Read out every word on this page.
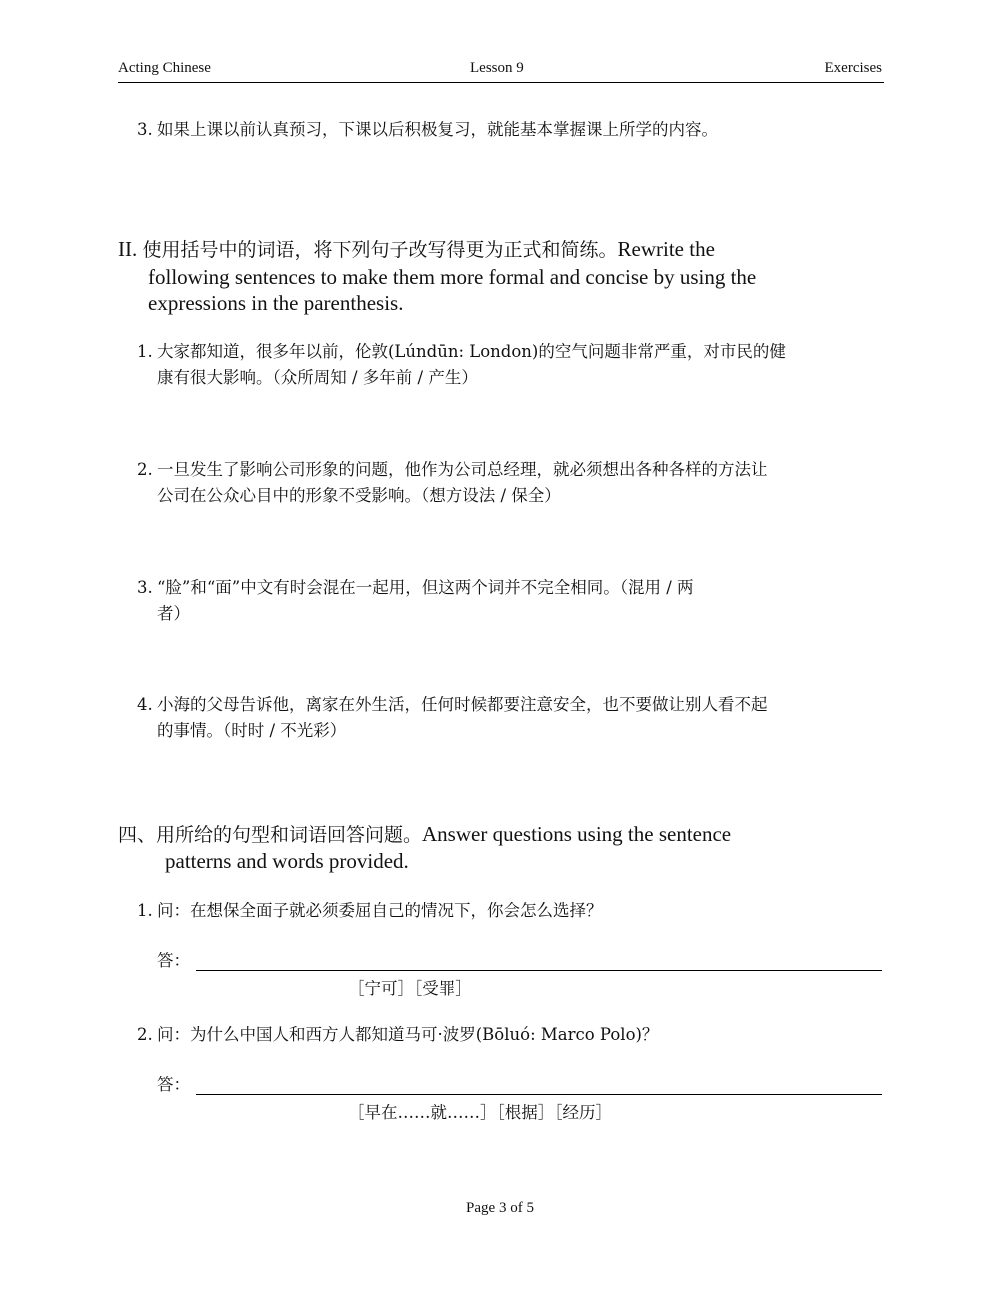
Acting Chinese	Lesson 9	Exercises
3. 如果上课以前认真预习，下课以后积极复习，就能基本掌握课上所学的内容。
II. 使用括号中的词语，将下列句子改写得更为正式和简练。Rewrite the
following sentences to make them more formal and concise by using the
expressions in the parenthesis.
1. 大家都知道，很多年以前，伦敦(Lúndūn: London)的空气问题非常严重，对市民的健
康有很大影响。（众所周知 / 多年前 / 产生）
2. 一旦发生了影响公司形象的问题，他作为公司总经理，就必须想出各种各样的方法让
公司在公众心目中的形象不受影响。（想方设法 / 保全）
3. “脸”和“面”中文有时会混在一起用，但这两个词并不完全相同。（混用 / 两
者）
4. 小海的父母告诉他，离家在外生活，任何时候都要注意安全，也不要做让别人看不起
的事情。（时时 / 不光彩）
四、用所给的句型和词语回答问题。Answer questions using the sentence
patterns and words provided.
1. 问：在想保全面子就必须委屈自己的情况下，你会怎么选择？
答：
［宁可］［受罪］
2. 问：为什么中国人和西方人都知道马可·波罗(Bōluó: Marco Polo)？
答：
［早在……就……］［根据］［经历］
Page 3 of 5
